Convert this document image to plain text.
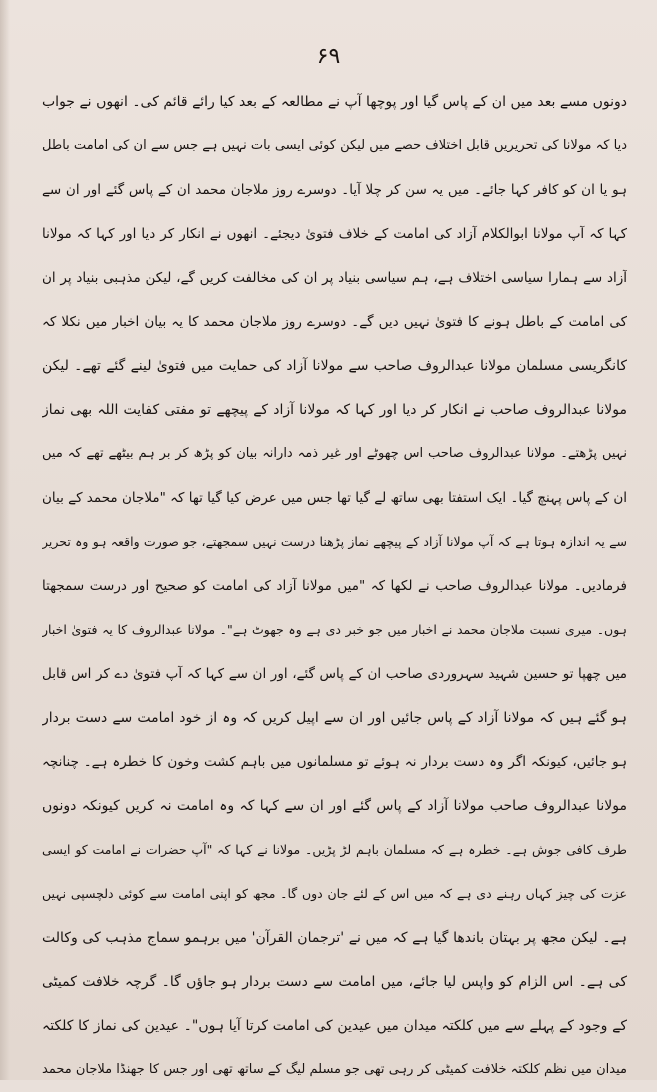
۶۹
دونوں مسے بعد میں ان کے پاس گیا اور پوچھا آپ نے مطالعہ کے بعد کیا رائے قائم کی۔ انھوں نے جواب
دیا کہ مولانا کی تحریریں قابل اختلاف حصے میں لیکن کوئی ایسی بات نہیں ہے جس سے ان کی امامت باطل
ہو یا ان کو کافر کہا جائے۔ میں یہ سن کر چلا آیا۔ دوسرے روز ملاجان محمد ان کے پاس گئے اور ان سے
کہا کہ آپ مولانا ابوالکلام آزاد کی امامت کے خلاف فتویٰ دیجئے۔ انھوں نے انکار کر دیا اور کہا کہ مولانا
آزاد سے ہمارا سیاسی اختلاف ہے، ہم سیاسی بنیاد پر ان کی مخالفت کریں گے، لیکن مذہبی بنیاد پر ان
کی امامت کے باطل ہونے کا فتویٰ نہیں دیں گے۔ دوسرے روز ملاجان محمد کا یہ بیان اخبار میں نکلا کہ
کانگریسی مسلمان مولانا عبدالروف صاحب سے مولانا آزاد کی حمایت میں فتویٰ لینے گئے تھے۔ لیکن
مولانا عبدالروف صاحب نے انکار کر دیا اور کہا کہ مولانا آزاد کے پیچھے تو مفتی کفایت اللہ بھی نماز
نہیں پڑھتے۔ مولانا عبدالروف صاحب اس چھوٹے اور غیر ذمہ دارانہ بیان کو پڑھ کر بر ہم بیٹھے تھے کہ میں
ان کے پاس پہنچ گیا۔ ایک استفتا بھی ساتھ لے گیا تھا جس میں عرض کیا گیا تھا کہ "ملاجان محمد کے بیان
سے یہ اندازہ ہوتا ہے کہ آپ مولانا آزاد کے پیچھے نماز پڑھنا درست نہیں سمجھتے، جو صورت واقعہ ہو وہ تحریر
فرمادیں۔ مولانا عبدالروف صاحب نے لکھا کہ "میں مولانا آزاد کی امامت کو صحیح اور درست سمجھتا
ہوں۔ میری نسبت ملاجان محمد نے اخبار میں جو خبر دی ہے وہ جھوٹ ہے"۔ مولانا عبدالروف کا یہ فتویٰ اخبار
میں چھپا تو حسین شہید سہروردی صاحب ان کے پاس گئے، اور ان سے کہا کہ آپ فتویٰ دے کر اس قابل
ہو گئے ہیں کہ مولانا آزاد کے پاس جائیں اور ان سے اپیل کریں کہ وہ از خود امامت سے دست بردار
ہو جائیں، کیونکہ اگر وہ دست بردار نہ ہوئے تو مسلمانوں میں باہم کشت وخون کا خطرہ ہے۔ چنانچہ
مولانا عبدالروف صاحب مولانا آزاد کے پاس گئے اور ان سے کہا کہ وہ امامت نہ کریں کیونکہ دونوں
طرف کافی جوش ہے۔ خطرہ ہے کہ مسلمان باہم لڑ پڑیں۔ مولانا نے کہا کہ "آپ حضرات نے امامت کو ایسی
عزت کی چیز کہاں رہنے دی ہے کہ میں اس کے لئے جان دوں گا۔ مجھ کو اپنی امامت سے کوئی دلچسپی نہیں
ہے۔ لیکن مجھ پر بہتان باندھا گیا ہے کہ میں نے 'ترجمان القرآن' میں برہمو سماج مذہب کی وکالت
کی ہے۔ اس الزام کو واپس لیا جائے، میں امامت سے دست بردار ہو جاؤں گا۔ گرچہ خلافت کمیٹی
کے وجود کے پہلے سے میں کلکتہ میدان میں عیدین کی امامت کرتا آیا ہوں"۔ عیدین کی نماز کا کلکتہ
میدان میں نظم کلکتہ خلافت کمیٹی کر رہی تھی جو مسلم لیگ کے ساتھ تھی اور جس کا جھنڈا ملاجان محمد
